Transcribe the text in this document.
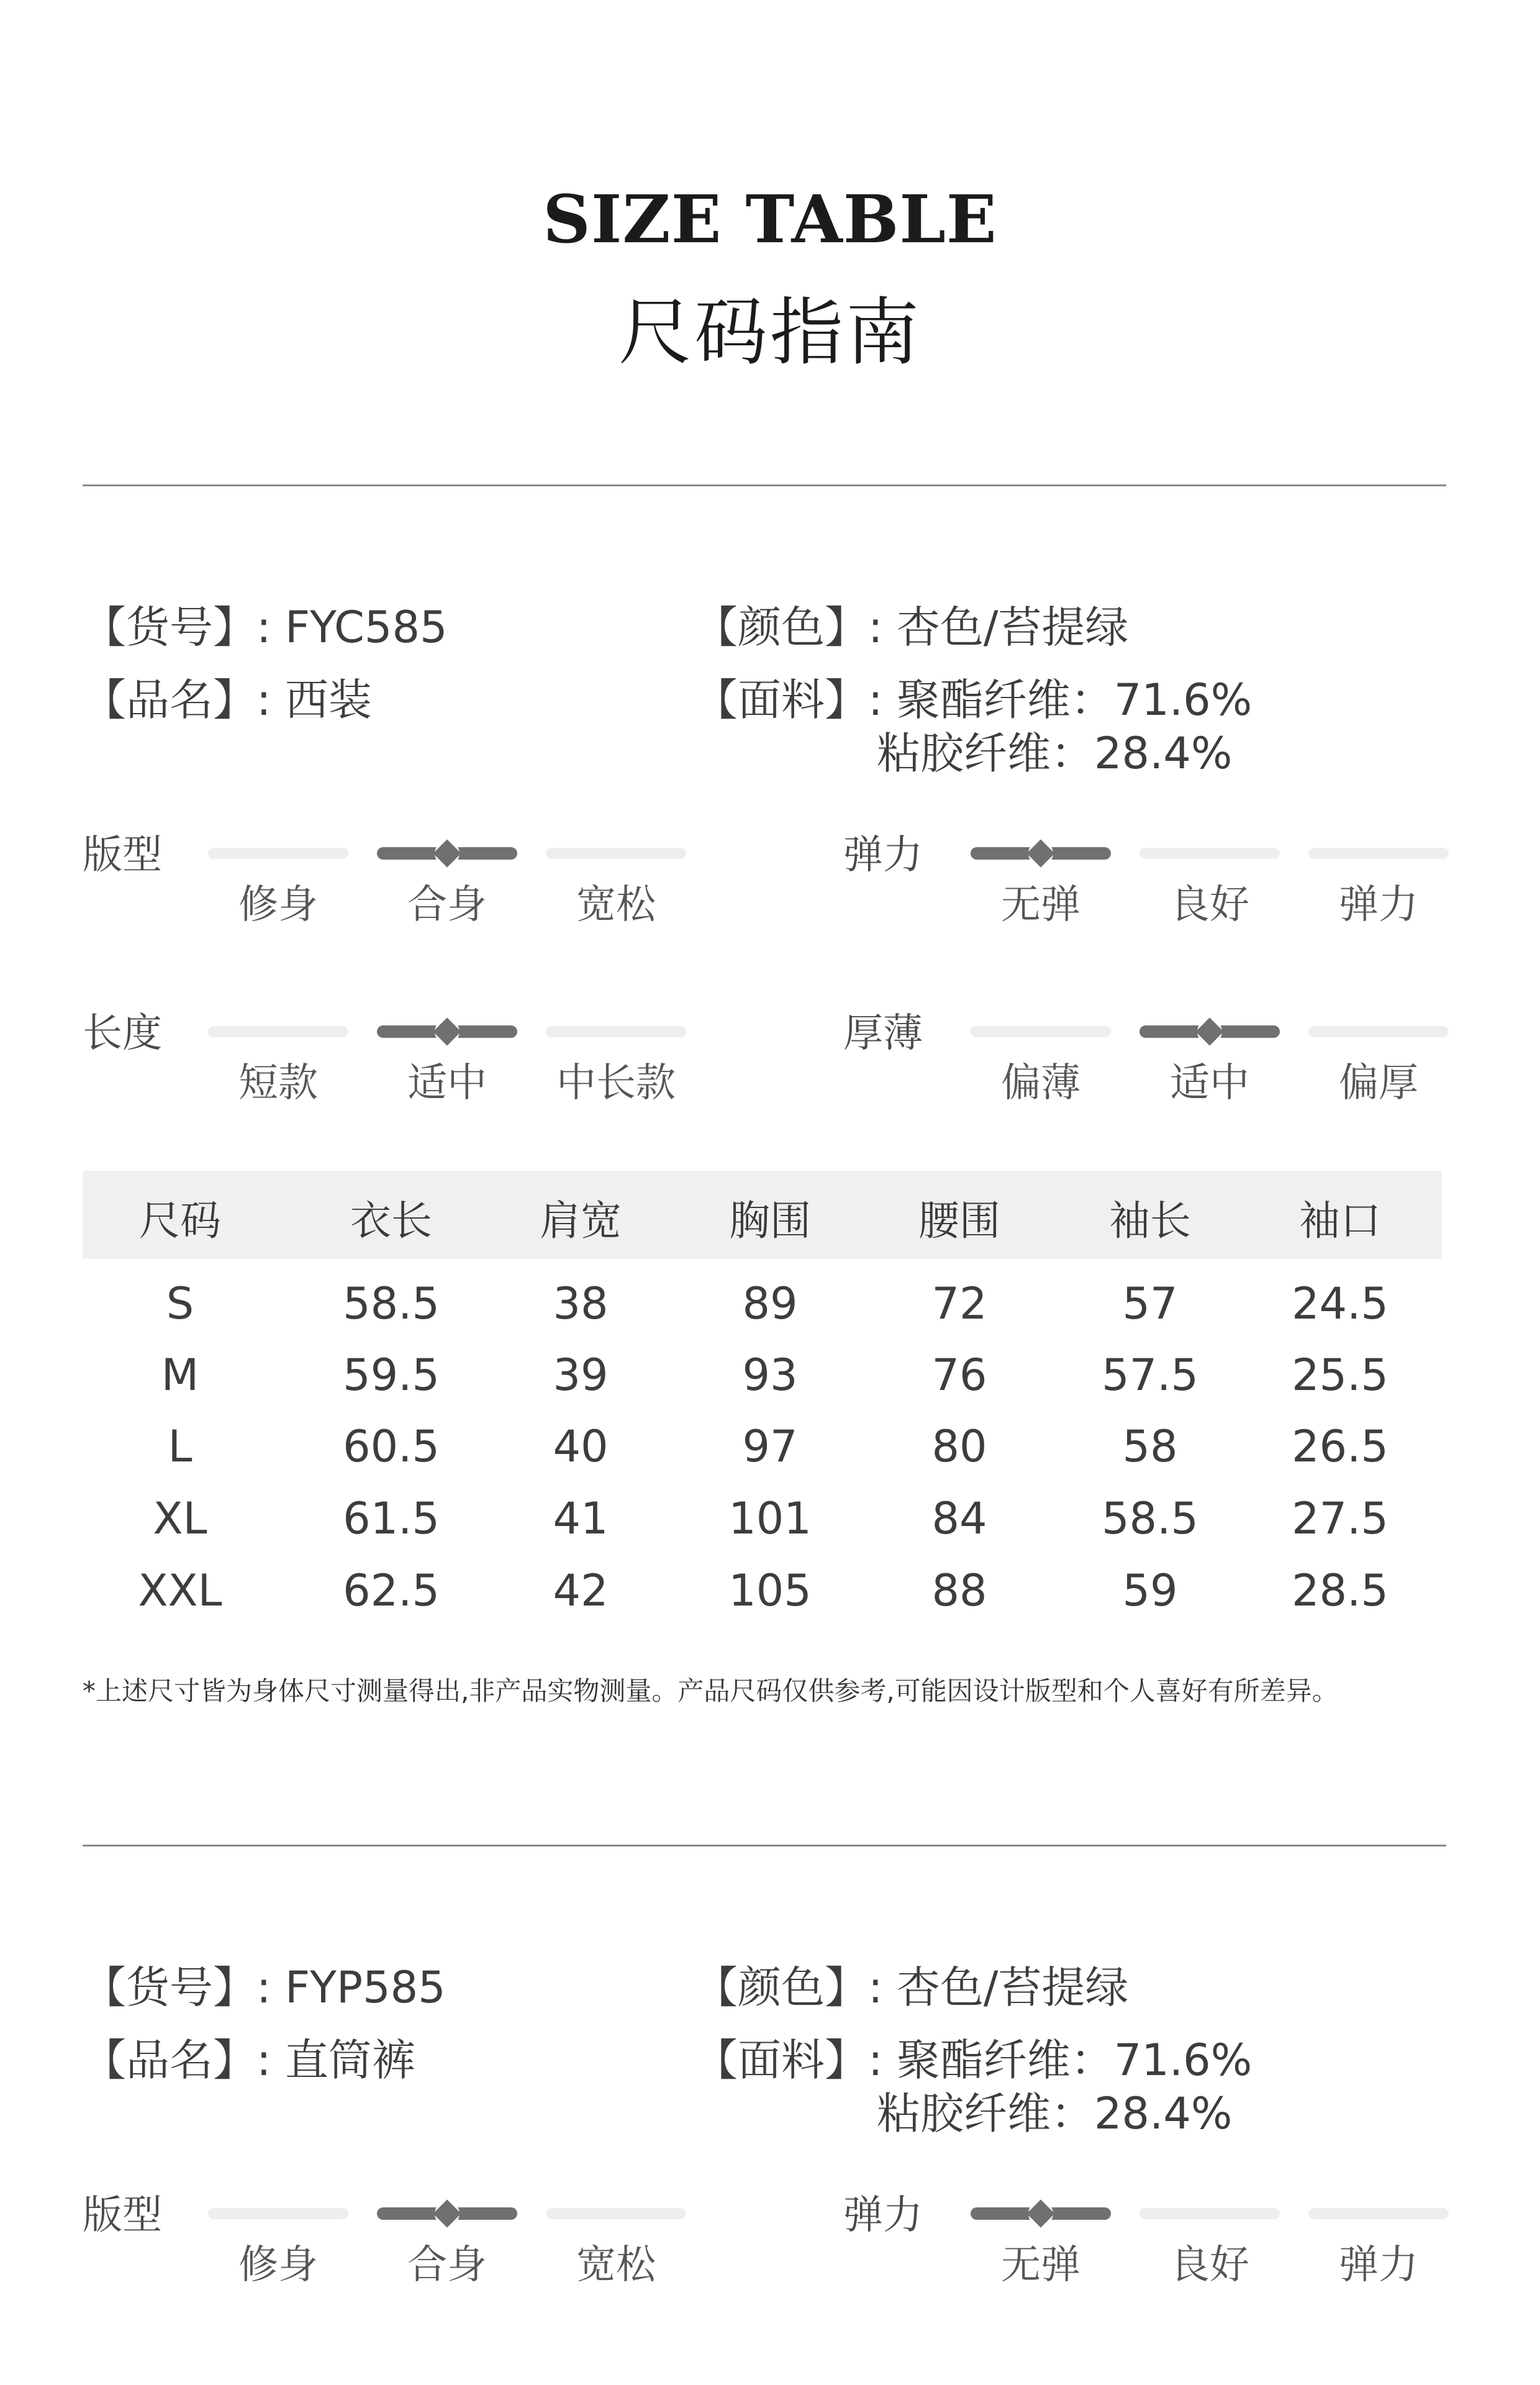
SIZE TABLE
尺码指南
【货号】: FYC585
【品名】: 西装
【颜色】: 杏色/苔提绿
【面料】: 聚酯纤维：71.6%
粘胶纤维：28.4%
版型
修身	合身	宽松
弹力
无弹	良好	弹力
长度
短款	适中	中长款
厚薄
偏薄	适中	偏厚
尺码	衣长	肩宽	胸围	腰围	袖长	袖口
S	58.5	38	89	72	57	24.5
M	59.5	39	93	76	57.5	25.5
L	60.5	40	97	80	58	26.5
XL	61.5	41	101	84	58.5	27.5
XXL	62.5	42	105	88	59	28.5
*上述尺寸皆为身体尺寸测量得出,非产品实物测量。产品尺码仅供参考,可能因设计版型和个人喜好有所差异。
【货号】: FYP585
【品名】: 直筒裤
【颜色】: 杏色/苔提绿
【面料】: 聚酯纤维：71.6%
粘胶纤维：28.4%
版型
修身	合身	宽松
弹力
无弹	良好	弹力
